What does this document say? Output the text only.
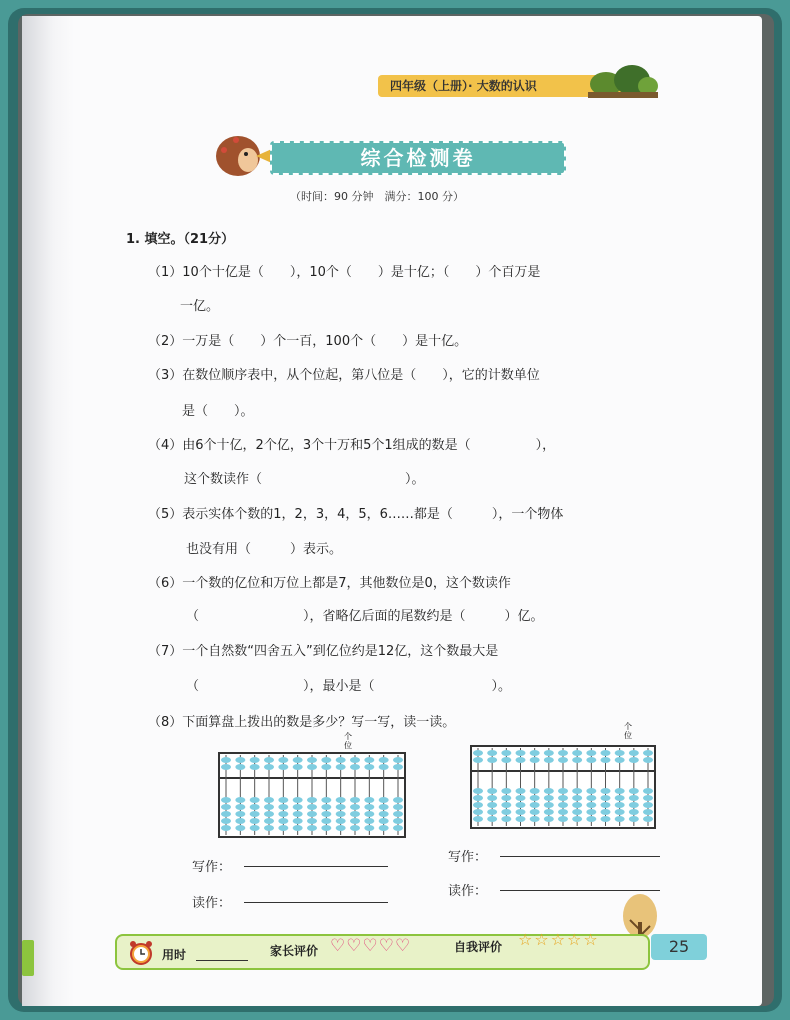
四年级（上册）· 大数的认识
综合检测卷
（时间：90 分钟　满分：100 分）
1. 填空。（21分）
（1）10个十亿是（　　），10个（　　）是十亿；（　　）个百万是
一亿。
（2）一万是（　　）个一百，100个（　　）是十亿。
（3）在数位顺序表中，从个位起，第八位是（　　），它的计数单位
是（　　）。
（4）由6个十亿，2个亿，3个十万和5个1组成的数是（　　　　　），
这个数读作（　　　　　　　　　　　）。
（5）表示实体个数的1，2，3，4，5，6……都是（　　　），一个物体
也没有用（　　　）表示。
（6）一个数的亿位和万位上都是7，其他数位是0，这个数读作
（　　　　　　　　），省略亿后面的尾数约是（　　　）亿。
（7）一个自然数“四舍五入”到亿位约是12亿，这个数最大是
（　　　　　　　　），最小是（　　　　　　　　　）。
（8）下面算盘上拨出的数是多少？写一写，读一读。
个位
个位
写作：
读作：
写作：
读作：
用时	家长评价 ♡♡♡♡♡	自我评价 ☆☆☆☆☆	25
